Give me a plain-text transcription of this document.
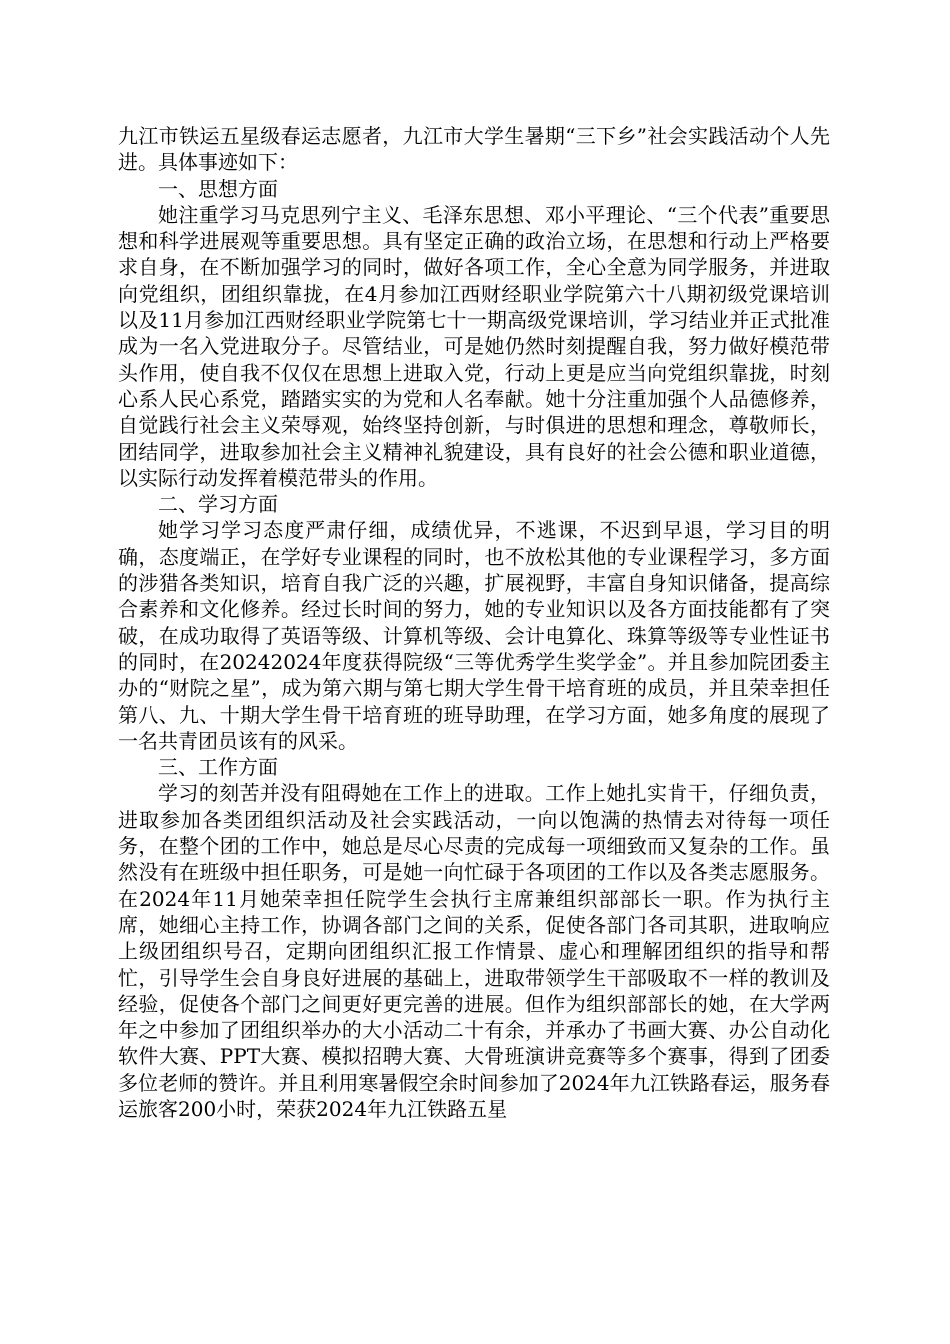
九江市铁运五星级春运志愿者，九江市大学生暑期“三下乡”社会实践活动个人先进。具体事迹如下：

一、思想方面

她注重学习马克思列宁主义、毛泽东思想、邓小平理论、“三个代表”重要思想和科学进展观等重要思想。具有坚定正确的政治立场，在思想和行动上严格要求自身，在不断加强学习的同时，做好各项工作，全心全意为同学服务，并进取向党组织，团组织靠拢，在4月参加江西财经职业学院第六十八期初级党课培训以及11月参加江西财经职业学院第七十一期高级党课培训，学习结业并正式批准成为一名入党进取分子。尽管结业，可是她仍然时刻提醒自我，努力做好模范带头作用，使自我不仅仅在思想上进取入党，行动上更是应当向党组织靠拢，时刻心系人民心系党，踏踏实实的为党和人名奉献。她十分注重加强个人品德修养，自觉践行社会主义荣辱观，始终坚持创新，与时俱进的思想和理念，尊敬师长，团结同学，进取参加社会主义精神礼貌建设，具有良好的社会公德和职业道德，以实际行动发挥着模范带头的作用。

二、学习方面

她学习学习态度严肃仔细，成绩优异，不逃课，不迟到早退，学习目的明确，态度端正，在学好专业课程的同时，也不放松其他的专业课程学习，多方面的涉猎各类知识，培育自我广泛的兴趣，扩展视野，丰富自身知识储备，提高综合素养和文化修养。经过长时间的努力，她的专业知识以及各方面技能都有了突破，在成功取得了英语等级、计算机等级、会计电算化、珠算等级等专业性证书的同时，在20242024年度获得院级“三等优秀学生奖学金”。并且参加院团委主办的“财院之星”，成为第六期与第七期大学生骨干培育班的成员，并且荣幸担任第八、九、十期大学生骨干培育班的班导助理，在学习方面，她多角度的展现了一名共青团员该有的风采。

三、工作方面

学习的刻苦并没有阻碍她在工作上的进取。工作上她扎实肯干，仔细负责，进取参加各类团组织活动及社会实践活动，一向以饱满的热情去对待每一项任务，在整个团的工作中，她总是尽心尽责的完成每一项细致而又复杂的工作。虽然没有在班级中担任职务，可是她一向忙碌于各项团的工作以及各类志愿服务。在2024年11月她荣幸担任院学生会执行主席兼组织部部长一职。作为执行主席，她细心主持工作，协调各部门之间的关系，促使各部门各司其职，进取响应上级团组织号召，定期向团组织汇报工作情景、虚心和理解团组织的指导和帮忙，引导学生会自身良好进展的基础上，进取带领学生干部吸取不一样的教训及经验，促使各个部门之间更好更完善的进展。但作为组织部部长的她，在大学两年之中参加了团组织举办的大小活动二十有余，并承办了书画大赛、办公自动化软件大赛、PPT大赛、模拟招聘大赛、大骨班演讲竞赛等多个赛事，得到了团委多位老师的赞许。并且利用寒暑假空余时间参加了2024年九江铁路春运，服务春运旅客200小时，荣获2024年九江铁路五星
